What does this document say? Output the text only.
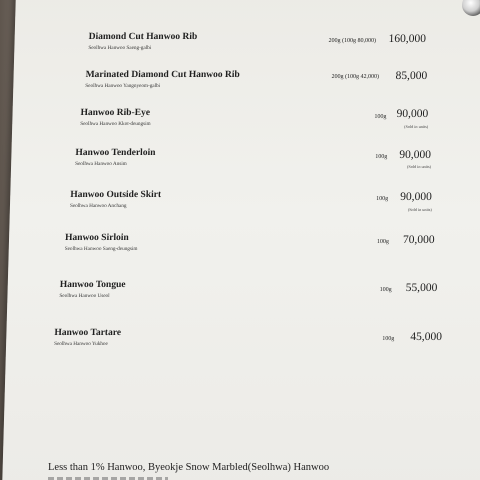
Diamond Cut Hanwoo Rib
Seolhwa Hanwoo Saeng-galbi
200g (100g 80,000) 160,000
Marinated Diamond Cut Hanwoo Rib
Seolhwa Hanwoo Yangnyeom-galbi
200g (100g 42,000) 85,000
Hanwoo Rib-Eye
Seolhwa Hanwoo Kkot-deungsim
100g 90,000
(Sold in units)
Hanwoo Tenderloin
Seolhwa Hanwoo Ansim
100g 90,000
(Sold in units)
Hanwoo Outside Skirt
Seolhwa Hanwoo Anchang
100g 90,000
(Sold in units)
Hanwoo Sirloin
Seolhwa Hanwoo Saeng-deungsim
100g 70,000
Hanwoo Tongue
Seolhwa Hanwoo Useol
100g 55,000
Hanwoo Tartare
Seolhwa Hanwoo Yukhoe
100g 45,000
Less than 1% Hanwoo, Byeokje Snow Marbled(Seolhwa) Hanwoo
